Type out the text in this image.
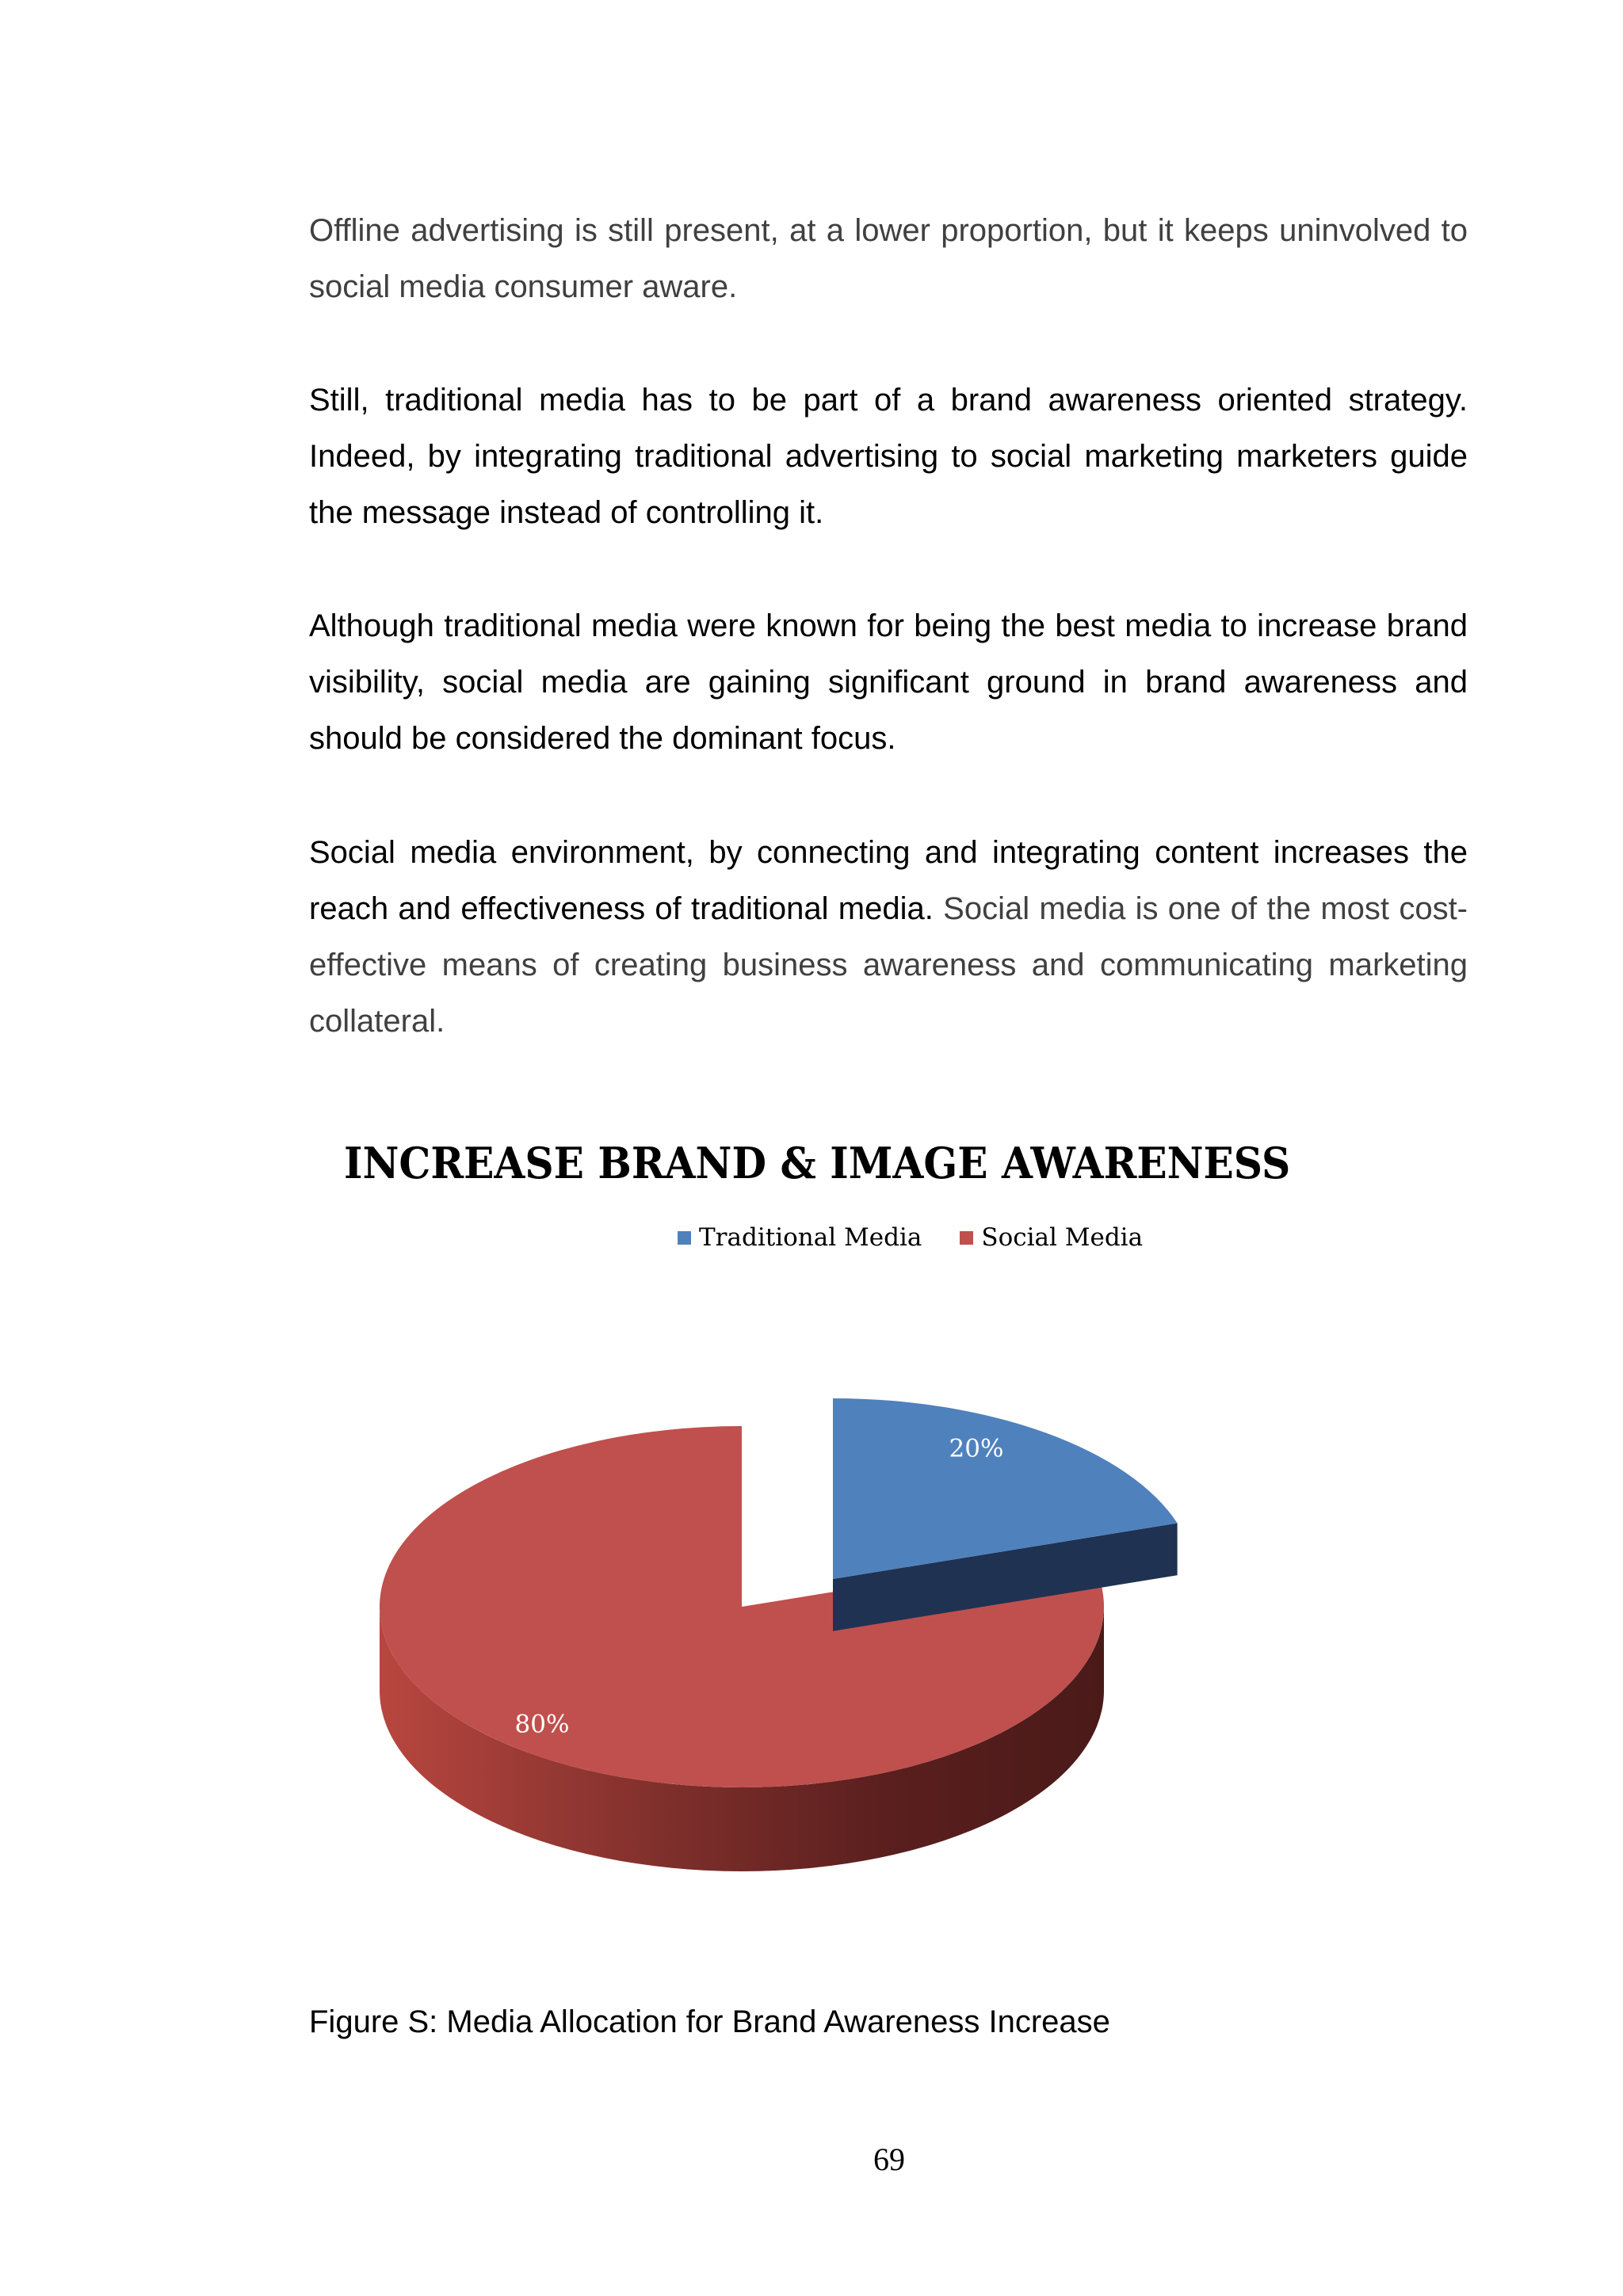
Offline advertising is still present, at a lower proportion, but it keeps uninvolved to social media consumer aware.

Still, traditional media has to be part of a brand awareness oriented strategy. Indeed, by integrating traditional advertising to social marketing marketers guide the message instead of controlling it.

Although traditional media were known for being the best media to increase brand visibility, social media are gaining significant ground in brand awareness and should be considered the dominant focus.

Social media environment, by connecting and integrating content increases the reach and effectiveness of traditional media. Social media is one of the most cost-effective means of creating business awareness and communicating marketing collateral.

INCREASE BRAND & IMAGE AWARENESS
Traditional Media Social Media
20%
80%

Figure S: Media Allocation for Brand Awareness Increase

69
